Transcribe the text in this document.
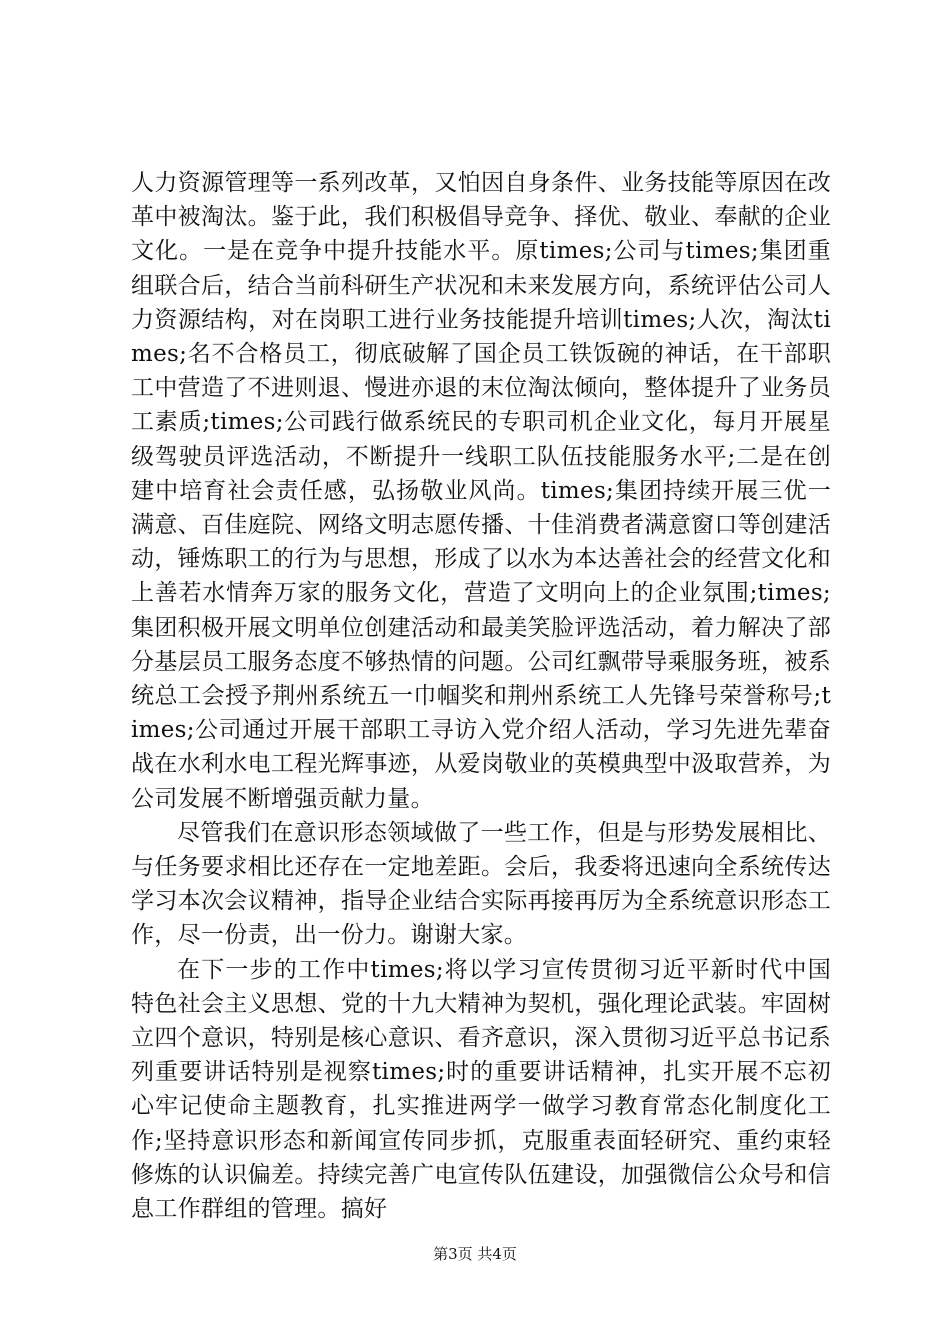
人力资源管理等一系列改革，又怕因自身条件、业务技能等原因在改革中被淘汰。鉴于此，我们积极倡导竞争、择优、敬业、奉献的企业文化。一是在竞争中提升技能水平。原times;公司与times;集团重组联合后，结合当前科研生产状况和未来发展方向，系统评估公司人力资源结构，对在岗职工进行业务技能提升培训times;人次，淘汰times;名不合格员工，彻底破解了国企员工铁饭碗的神话，在干部职工中营造了不进则退、慢进亦退的末位淘汰倾向，整体提升了业务员工素质;times;公司践行做系统民的专职司机企业文化，每月开展星级驾驶员评选活动，不断提升一线职工队伍技能服务水平;二是在创建中培育社会责任感，弘扬敬业风尚。times;集团持续开展三优一满意、百佳庭院、网络文明志愿传播、十佳消费者满意窗口等创建活动，锤炼职工的行为与思想，形成了以水为本达善社会的经营文化和上善若水情奔万家的服务文化，营造了文明向上的企业氛围;times;集团积极开展文明单位创建活动和最美笑脸评选活动，着力解决了部分基层员工服务态度不够热情的问题。公司红飘带导乘服务班，被系统总工会授予荆州系统五一巾帼奖和荆州系统工人先锋号荣誉称号;times;公司通过开展干部职工寻访入党介绍人活动，学习先进先辈奋战在水利水电工程光辉事迹，从爱岗敬业的英模典型中汲取营养，为公司发展不断增强贡献力量。

尽管我们在意识形态领域做了一些工作，但是与形势发展相比、与任务要求相比还存在一定地差距。会后，我委将迅速向全系统传达学习本次会议精神，指导企业结合实际再接再厉为全系统意识形态工作，尽一份责，出一份力。谢谢大家。

在下一步的工作中times;将以学习宣传贯彻习近平新时代中国特色社会主义思想、党的十九大精神为契机，强化理论武装。牢固树立四个意识，特别是核心意识、看齐意识，深入贯彻习近平总书记系列重要讲话特别是视察times;时的重要讲话精神，扎实开展不忘初心牢记使命主题教育，扎实推进两学一做学习教育常态化制度化工作;坚持意识形态和新闻宣传同步抓，克服重表面轻研究、重约束轻修炼的认识偏差。持续完善广电宣传队伍建设，加强微信公众号和信息工作群组的管理。搞好

第3页 共4页
